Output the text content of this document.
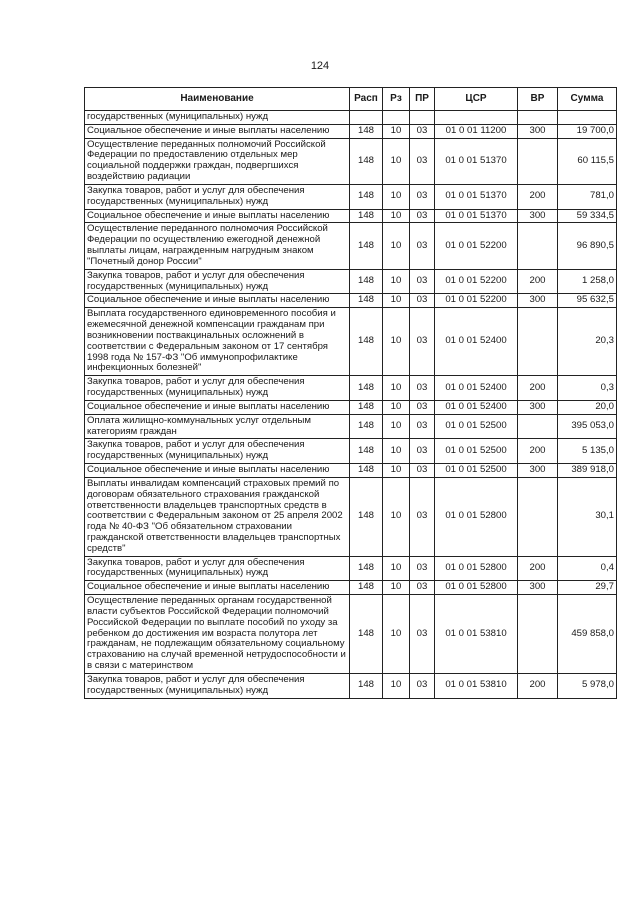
124
Наименование	Расп	Рз	ПР	ЦСР	ВР	Сумма
государственных (муниципальных) нужд						
Социальное обеспечение и иные выплаты населению	148	10	03	01 0 01 11200	300	19 700,0
Осуществление переданных полномочий Российской Федерации по предоставлению отдельных мер социальной поддержки граждан, подвергшихся воздействию радиации	148	10	03	01 0 01 51370		60 115,5
Закупка товаров, работ и услуг для обеспечения государственных (муниципальных) нужд	148	10	03	01 0 01 51370	200	781,0
Социальное обеспечение и иные выплаты населению	148	10	03	01 0 01 51370	300	59 334,5
Осуществление переданного полномочия Российской Федерации по осуществлению ежегодной денежной выплаты лицам, награжденным нагрудным знаком "Почетный донор России"	148	10	03	01 0 01 52200		96 890,5
Закупка товаров, работ и услуг для обеспечения государственных (муниципальных) нужд	148	10	03	01 0 01 52200	200	1 258,0
Социальное обеспечение и иные выплаты населению	148	10	03	01 0 01 52200	300	95 632,5
Выплата государственного единовременного пособия и ежемесячной денежной компенсации гражданам при возникновении поствакцинальных осложнений в соответствии с Федеральным законом от 17 сентября 1998 года № 157-ФЗ "Об иммунопрофилактике инфекционных болезней"	148	10	03	01 0 01 52400		20,3
Закупка товаров, работ и услуг для обеспечения государственных (муниципальных) нужд	148	10	03	01 0 01 52400	200	0,3
Социальное обеспечение и иные выплаты населению	148	10	03	01 0 01 52400	300	20,0
Оплата жилищно-коммунальных услуг отдельным категориям граждан	148	10	03	01 0 01 52500		395 053,0
Закупка товаров, работ и услуг для обеспечения государственных (муниципальных) нужд	148	10	03	01 0 01 52500	200	5 135,0
Социальное обеспечение и иные выплаты населению	148	10	03	01 0 01 52500	300	389 918,0
Выплаты инвалидам компенсаций страховых премий по договорам обязательного страхования гражданской ответственности владельцев транспортных средств в соответствии с Федеральным законом от 25 апреля 2002 года № 40-ФЗ "Об обязательном страховании гражданской ответственности владельцев транспортных средств"	148	10	03	01 0 01 52800		30,1
Закупка товаров, работ и услуг для обеспечения государственных (муниципальных) нужд	148	10	03	01 0 01 52800	200	0,4
Социальное обеспечение и иные выплаты населению	148	10	03	01 0 01 52800	300	29,7
Осуществление переданных органам государственной власти субъектов Российской Федерации полномочий Российской Федерации по выплате пособий по уходу за ребенком до достижения им возраста полутора лет гражданам, не подлежащим обязательному социальному страхованию на случай временной нетрудоспособности и в связи с материнством	148	10	03	01 0 01 53810		459 858,0
Закупка товаров, работ и услуг для обеспечения государственных (муниципальных) нужд	148	10	03	01 0 01 53810	200	5 978,0
